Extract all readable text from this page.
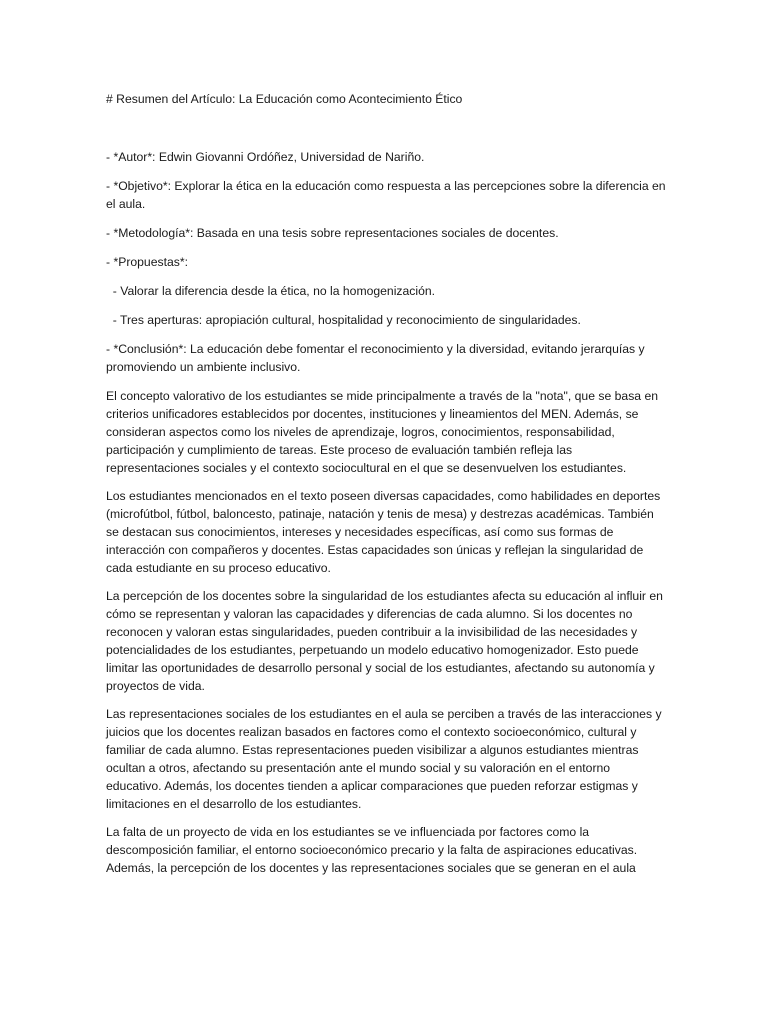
# Resumen del Artículo: La Educación como Acontecimiento Ético

- *Autor*: Edwin Giovanni Ordóñez, Universidad de Nariño.

- *Objetivo*: Explorar la ética en la educación como respuesta a las percepciones sobre la diferencia en el aula.

- *Metodología*: Basada en una tesis sobre representaciones sociales de docentes.

- *Propuestas*:

- Valorar la diferencia desde la ética, no la homogenización.

- Tres aperturas: apropiación cultural, hospitalidad y reconocimiento de singularidades.

- *Conclusión*: La educación debe fomentar el reconocimiento y la diversidad, evitando jerarquías y promoviendo un ambiente inclusivo.

El concepto valorativo de los estudiantes se mide principalmente a través de la "nota", que se basa en criterios unificadores establecidos por docentes, instituciones y lineamientos del MEN. Además, se consideran aspectos como los niveles de aprendizaje, logros, conocimientos, responsabilidad, participación y cumplimiento de tareas. Este proceso de evaluación también refleja las representaciones sociales y el contexto sociocultural en el que se desenvuelven los estudiantes.

Los estudiantes mencionados en el texto poseen diversas capacidades, como habilidades en deportes (microfútbol, fútbol, baloncesto, patinaje, natación y tenis de mesa) y destrezas académicas. También se destacan sus conocimientos, intereses y necesidades específicas, así como sus formas de interacción con compañeros y docentes. Estas capacidades son únicas y reflejan la singularidad de cada estudiante en su proceso educativo.

La percepción de los docentes sobre la singularidad de los estudiantes afecta su educación al influir en cómo se representan y valoran las capacidades y diferencias de cada alumno. Si los docentes no reconocen y valoran estas singularidades, pueden contribuir a la invisibilidad de las necesidades y potencialidades de los estudiantes, perpetuando un modelo educativo homogenizador. Esto puede limitar las oportunidades de desarrollo personal y social de los estudiantes, afectando su autonomía y proyectos de vida.

Las representaciones sociales de los estudiantes en el aula se perciben a través de las interacciones y juicios que los docentes realizan basados en factores como el contexto socioeconómico, cultural y familiar de cada alumno. Estas representaciones pueden visibilizar a algunos estudiantes mientras ocultan a otros, afectando su presentación ante el mundo social y su valoración en el entorno educativo. Además, los docentes tienden a aplicar comparaciones que pueden reforzar estigmas y limitaciones en el desarrollo de los estudiantes.

La falta de un proyecto de vida en los estudiantes se ve influenciada por factores como la descomposición familiar, el entorno socioeconómico precario y la falta de aspiraciones educativas. Además, la percepción de los docentes y las representaciones sociales que se generan en el aula
